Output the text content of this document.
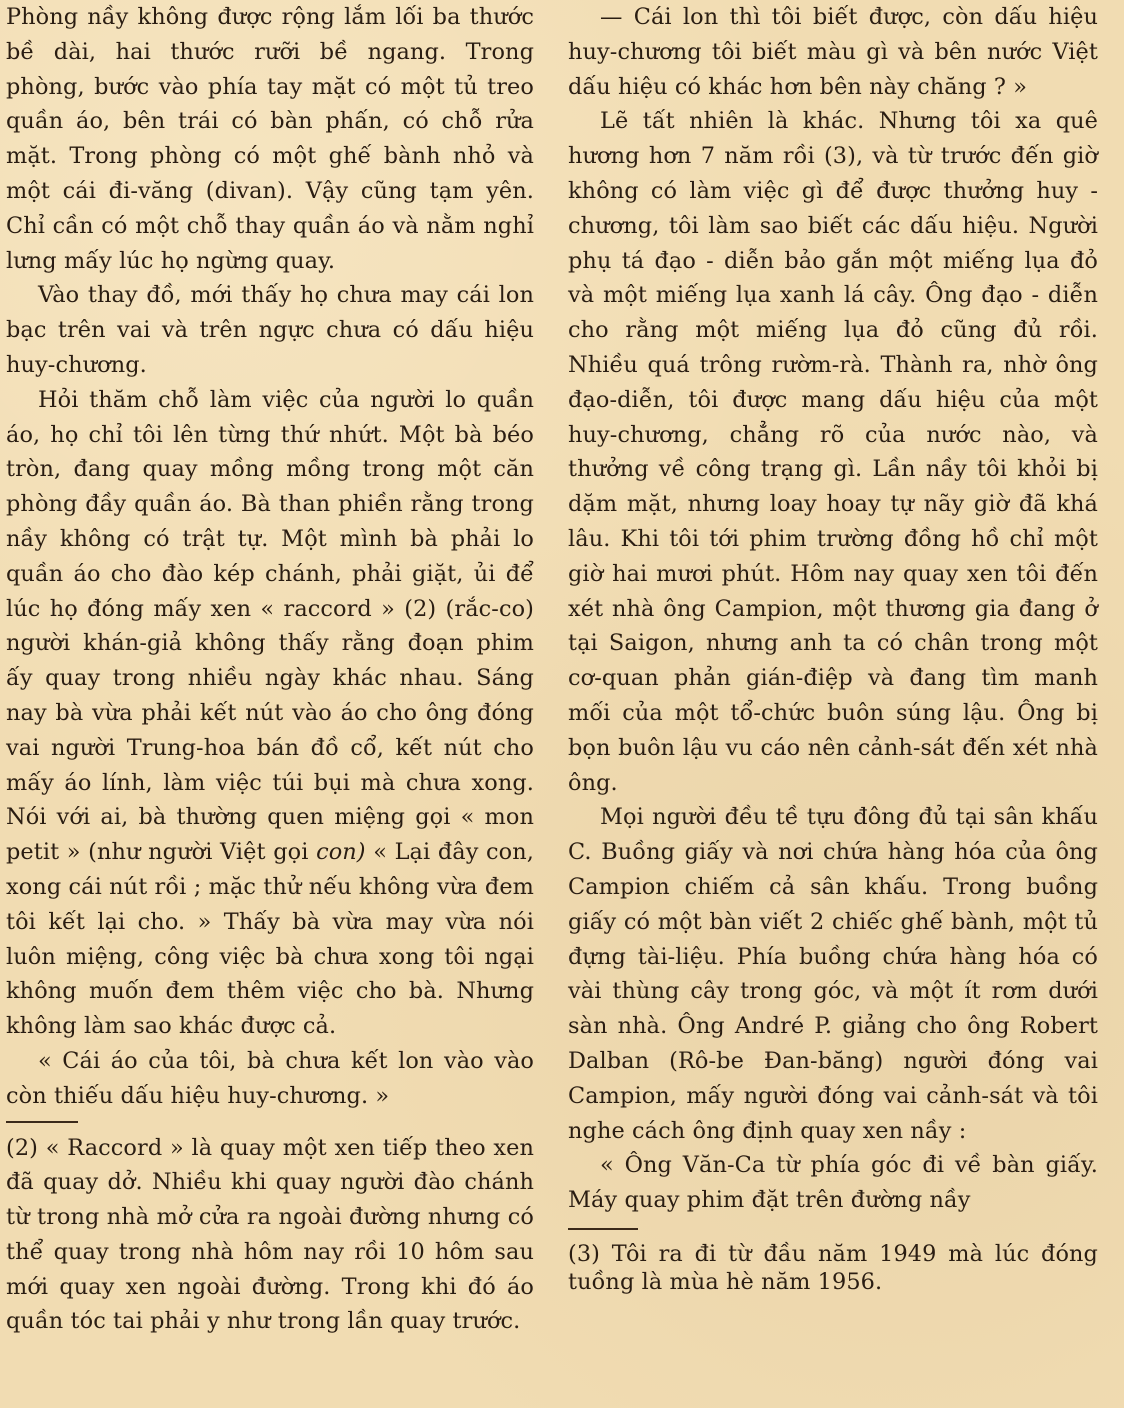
Phòng nầy không được rộng lắm lối ba thước bề dài, hai thước rưỡi bề ngang. Trong phòng, bước vào phía tay mặt có một tủ treo quần áo, bên trái có bàn phấn, có chỗ rửa mặt. Trong phòng có một ghế bành nhỏ và một cái đi-văng (divan). Vậy cũng tạm yên. Chỉ cần có một chỗ thay quần áo và nằm nghỉ lưng mấy lúc họ ngừng quay.

Vào thay đồ, mới thấy họ chưa may cái lon bạc trên vai và trên ngực chưa có dấu hiệu huy-chương.

Hỏi thăm chỗ làm việc của người lo quần áo, họ chỉ tôi lên từng thứ nhứt. Một bà béo tròn, đang quay mồng mồng trong một căn phòng đầy quần áo. Bà than phiền rằng trong nầy không có trật tự. Một mình bà phải lo quần áo cho đào kép chánh, phải giặt, ủi để lúc họ đóng mấy xen « raccord » (2) (rắc-co) người khán-giả không thấy rằng đoạn phim ấy quay trong nhiều ngày khác nhau. Sáng nay bà vừa phải kết nút vào áo cho ông đóng vai người Trung-hoa bán đồ cổ, kết nút cho mấy áo lính, làm việc túi bụi mà chưa xong. Nói với ai, bà thường quen miệng gọi « mon petit » (như người Việt gọi con) « Lại đây con, xong cái nút rồi ; mặc thử nếu không vừa đem tôi kết lại cho. » Thấy bà vừa may vừa nói luôn miệng, công việc bà chưa xong tôi ngại không muốn đem thêm việc cho bà. Nhưng không làm sao khác được cả.

« Cái áo của tôi, bà chưa kết lon vào vào còn thiếu dấu hiệu huy-chương. »

(2) « Raccord » là quay một xen tiếp theo xen đã quay dở. Nhiều khi quay người đào chánh từ trong nhà mở cửa ra ngoài đường nhưng có thể quay trong nhà hôm nay rồi 10 hôm sau mới quay xen ngoài đường. Trong khi đó áo quần tóc tai phải y như trong lần quay trước.

— Cái lon thì tôi biết được, còn dấu hiệu huy-chương tôi biết màu gì và bên nước Việt dấu hiệu có khác hơn bên này chăng ? »

Lẽ tất nhiên là khác. Nhưng tôi xa quê hương hơn 7 năm rồi (3), và từ trước đến giờ không có làm việc gì để được thưởng huy - chương, tôi làm sao biết các dấu hiệu. Người phụ tá đạo - diễn bảo gắn một miếng lụa đỏ và một miếng lụa xanh lá cây. Ông đạo - diễn cho rằng một miếng lụa đỏ cũng đủ rồi. Nhiều quá trông rườm-rà. Thành ra, nhờ ông đạo-diễn, tôi được mang dấu hiệu của một huy-chương, chẳng rõ của nước nào, và thưởng về công trạng gì. Lần nầy tôi khỏi bị dặm mặt, nhưng loay hoay tự nãy giờ đã khá lâu. Khi tôi tới phim trường đồng hồ chỉ một giờ hai mươi phút. Hôm nay quay xen tôi đến xét nhà ông Campion, một thương gia đang ở tại Saigon, nhưng anh ta có chân trong một cơ-quan phản gián-điệp và đang tìm manh mối của một tổ-chức buôn súng lậu. Ông bị bọn buôn lậu vu cáo nên cảnh-sát đến xét nhà ông.

Mọi người đều tề tựu đông đủ tại sân khấu C. Buồng giấy và nơi chứa hàng hóa của ông Campion chiếm cả sân khấu. Trong buồng giấy có một bàn viết 2 chiếc ghế bành, một tủ đựng tài-liệu. Phía buồng chứa hàng hóa có vài thùng cây trong góc, và một ít rơm dưới sàn nhà. Ông André P. giảng cho ông Robert Dalban (Rô-be Đan-băng) người đóng vai Campion, mấy người đóng vai cảnh-sát và tôi nghe cách ông định quay xen nầy :

« Ông Văn-Ca từ phía góc đi về bàn giấy. Máy quay phim đặt trên đường nầy

(3) Tôi ra đi từ đầu năm 1949 mà lúc đóng tuồng là mùa hè năm 1956.
